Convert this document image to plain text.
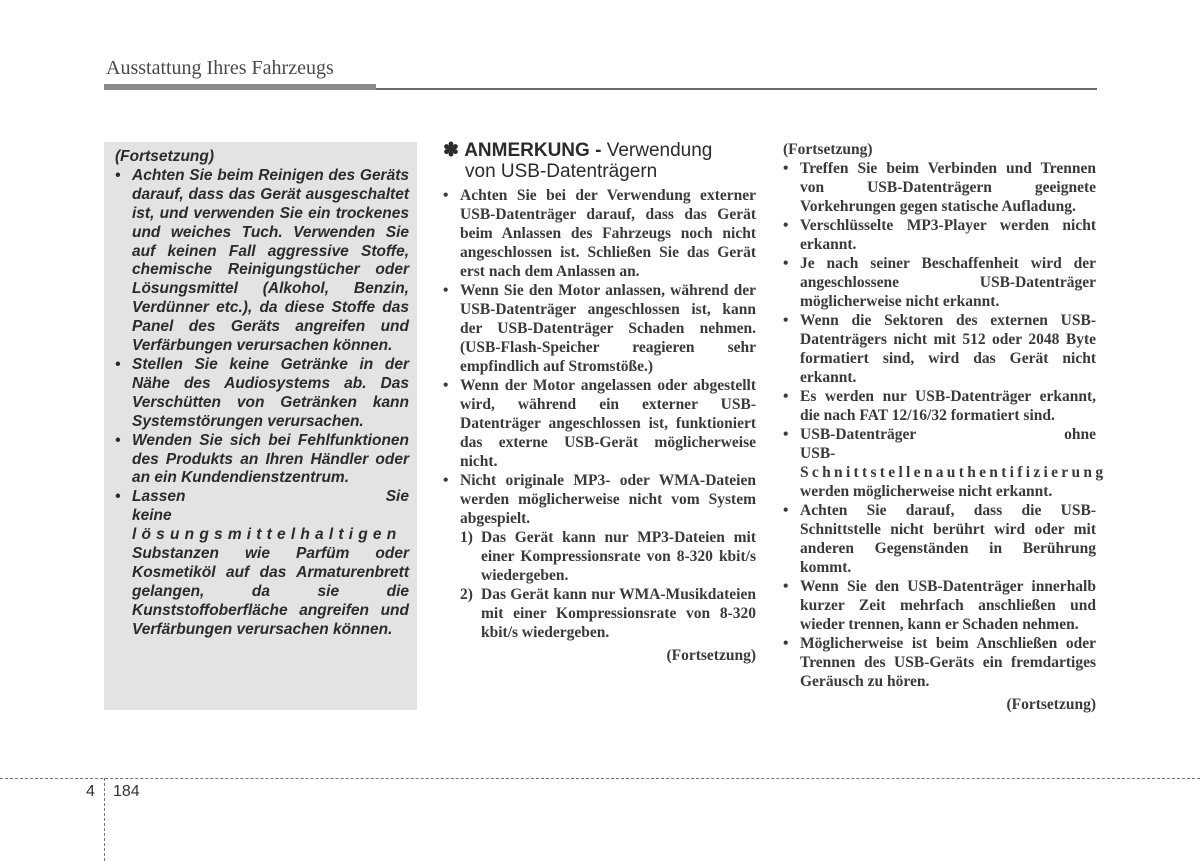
Ausstattung Ihres Fahrzeugs
(Fortsetzung)
• Achten Sie beim Reinigen des Geräts darauf, dass das Gerät ausgeschaltet ist, und verwenden Sie ein trockenes und weiches Tuch. Verwenden Sie auf keinen Fall aggressive Stoffe, chemische Reinigungstücher oder Lösungsmittel (Alkohol, Benzin, Verdünner etc.), da diese Stoffe das Panel des Geräts angreifen und Verfärbungen verursachen können.
• Stellen Sie keine Getränke in der Nähe des Audiosystems ab. Das Verschütten von Getränken kann Systemstörungen verursachen.
• Wenden Sie sich bei Fehlfunktionen des Produkts an Ihren Händler oder an ein Kundendienstzentrum.
• Lassen Sie keine
lösungsmittelhaltigen
Substanzen wie Parfüm oder Kosmetiköl auf das Armaturenbrett gelangen, da sie die Kunststoffoberfläche angreifen und Verfärbungen verursachen können.
✽ ANMERKUNG - Verwendung
von USB-Datenträgern
• Achten Sie bei der Verwendung externer USB-Datenträger darauf, dass das Gerät beim Anlassen des Fahrzeugs noch nicht angeschlossen ist. Schließen Sie das Gerät erst nach dem Anlassen an.
• Wenn Sie den Motor anlassen, während der USB-Datenträger angeschlossen ist, kann der USB-Datenträger Schaden nehmen. (USB-Flash-Speicher reagieren sehr empfindlich auf Stromstöße.)
• Wenn der Motor angelassen oder abgestellt wird, während ein externer USB-Datenträger angeschlossen ist, funktioniert das externe USB-Gerät möglicherweise nicht.
• Nicht originale MP3- oder WMA-Dateien werden möglicherweise nicht vom System abgespielt.
1) Das Gerät kann nur MP3-Dateien mit einer Kompressionsrate von 8-320 kbit/s wiedergeben.
2) Das Gerät kann nur WMA-Musikdateien mit einer Kompressionsrate von 8-320 kbit/s wiedergeben.
(Fortsetzung)
(Fortsetzung)
• Treffen Sie beim Verbinden und Trennen von USB-Datenträgern geeignete Vorkehrungen gegen statische Aufladung.
• Verschlüsselte MP3-Player werden nicht erkannt.
• Je nach seiner Beschaffenheit wird der angeschlossene USB-Datenträger möglicherweise nicht erkannt.
• Wenn die Sektoren des externen USB-Datenträgers nicht mit 512 oder 2048 Byte formatiert sind, wird das Gerät nicht erkannt.
• Es werden nur USB-Datenträger erkannt, die nach FAT 12/16/32 formatiert sind.
• USB-Datenträger ohne USB-
Schnittstellenauthentifizierung
werden möglicherweise nicht erkannt.
• Achten Sie darauf, dass die USB-Schnittstelle nicht berührt wird oder mit anderen Gegenständen in Berührung kommt.
• Wenn Sie den USB-Datenträger innerhalb kurzer Zeit mehrfach anschließen und wieder trennen, kann er Schaden nehmen.
• Möglicherweise ist beim Anschließen oder Trennen des USB-Geräts ein fremdartiges Geräusch zu hören.
(Fortsetzung)
4 184
